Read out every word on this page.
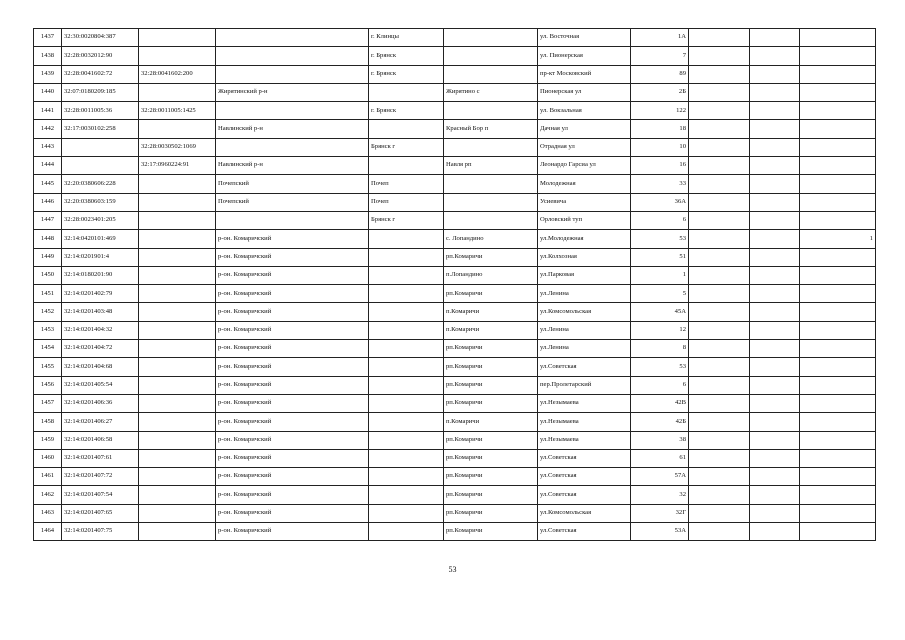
1437	32:30:0020804:387			г. Клинцы		ул. Восточная	1А			
1438	32:28:0032012:90			г. Брянск		ул. Пионерская	7			
1439	32:28:0041602:72	32:28:0041602:200		г. Брянск		пр-кт Московский	89			
1440	32:07:0180209:185		Жирятинский р-н		Жирятино с	Пионерская ул	2Б			
1441	32:28:0011005:36	32:28:0011005:1425		г. Брянск		ул. Вокзальная	122			
1442	32:17:0030102:258		Навлинский р-н		Красный Бор п	Дачная ул	18			
1443		32:28:0030502:1069		Брянск г		Отрадная ул	10			
1444		32:17:0960224:91	Навлинский р-н		Навля рп	Леонардо Гарсиа ул	16			
1445	32:20:0380606:228		Почепский	Почеп		Молодежная	33			
1446	32:20:0380603:159		Почепский	Почеп		Усиевича	36А			
1447	32:28:0023401:205			Брянск г		Орловский туп	6			
1448	32:14:0420101:469		р-он. Комаричский		с. Лопандино	ул.Молодежная	53			1
1449	32:14:0201901:4		р-он. Комаричский		рп.Комаричи	ул.Колхозная	51			
1450	32:14:0180201:90		р-он. Комаричский		п.Лопандино	ул.Парковая	1			
1451	32:14:0201402:79		р-он. Комаричский		рп.Комаричи	ул.Ленина	5			
1452	32:14:0201403:48		р-он. Комаричский		п.Комаричи	ул.Комсомольская	45А			
1453	32:14:0201404:32		р-он. Комаричский		п.Комаричи	ул.Ленина	12			
1454	32:14:0201404:72		р-он. Комаричский		рп.Комаричи	ул.Ленина	8			
1455	32:14:0201404:68		р-он. Комаричский		рп.Комаричи	ул.Советская	53			
1456	32:14:0201405:54		р-он. Комаричский		рп.Комаричи	пер.Пролетарский	6			
1457	32:14:0201406:36		р-он. Комаричский		рп.Комаричи	ул.Незымаева	42В			
1458	32:14:0201406:27		р-он. Комаричский		п.Комаричи	ул.Незымаева	42Б			
1459	32:14:0201406:58		р-он. Комаричский		рп.Комаричи	ул.Незымаева	38			
1460	32:14:0201407:61		р-он. Комаричский		рп.Комаричи	ул.Советская	61			
1461	32:14:0201407:72		р-он. Комаричский		рп.Комаричи	ул.Советская	57А			
1462	32:14:0201407:54		р-он. Комаричский		рп.Комаричи	ул.Советская	32			
1463	32:14:0201407:65		р-он. Комаричский		рп.Комаричи	ул.Комсомольская	32Г			
1464	32:14:0201407:75		р-он. Комаричский		рп.Комаричи	ул.Советская	53А			
53
